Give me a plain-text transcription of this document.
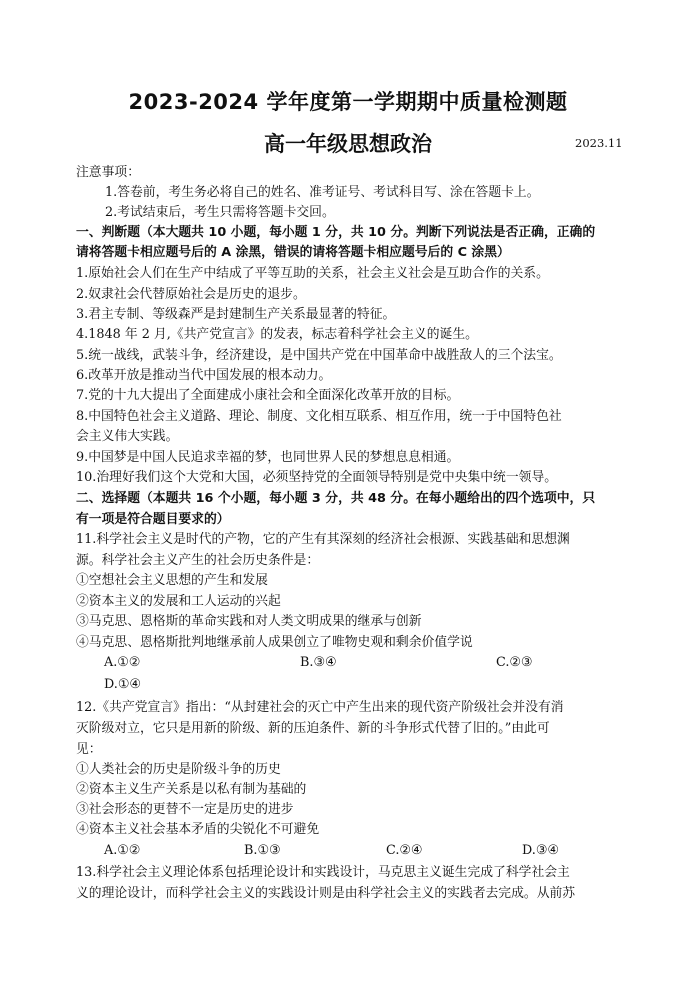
2023-2024 学年度第一学期期中质量检测题
高一年级思想政治	2023.11
注意事项：
1.答卷前，考生务必将自己的姓名、准考证号、考试科目写、涂在答题卡上。
2.考试结束后，考生只需将答题卡交回。
一、判断题（本大题共 10 小题，每小题 1 分，共 10 分。判断下列说法是否正确，正确的
请将答题卡相应题号后的 A 涂黑，错误的请将答题卡相应题号后的 C 涂黑）
1.原始社会人们在生产中结成了平等互助的关系，社会主义社会是互助合作的关系。
2.奴隶社会代替原始社会是历史的退步。
3.君主专制、等级森严是封建制生产关系最显著的特征。
4.1848 年 2 月,《共产党宣言》的发表，标志着科学社会主义的诞生。
5.统一战线，武装斗争，经济建设，是中国共产党在中国革命中战胜敌人的三个法宝。
6.改革开放是推动当代中国发展的根本动力。
7.党的十九大提出了全面建成小康社会和全面深化改革开放的目标。
8.中国特色社会主义道路、理论、制度、文化相互联系、相互作用，统一于中国特色社
会主义伟大实践。
9.中国梦是中国人民追求幸福的梦，也同世界人民的梦想息息相通。
10.治理好我们这个大党和大国，必须坚持党的全面领导特别是党中央集中统一领导。
二、选择题（本题共 16 个小题，每小题 3 分，共 48 分。在每小题给出的四个选项中，只
有一项是符合题目要求的）
11.科学社会主义是时代的产物，它的产生有其深刻的经济社会根源、实践基础和思想渊
源。科学社会主义产生的社会历史条件是：
①空想社会主义思想的产生和发展
②资本主义的发展和工人运动的兴起
③马克思、恩格斯的革命实践和对人类文明成果的继承与创新
④马克思、恩格斯批判地继承前人成果创立了唯物史观和剩余价值学说
A.①②	B.③④	C.②③
D.①④
12.《共产党宣言》指出：“从封建社会的灭亡中产生出来的现代资产阶级社会并没有消
灭阶级对立，它只是用新的阶级、新的压迫条件、新的斗争形式代替了旧的。”由此可
见：
①人类社会的历史是阶级斗争的历史
②资本主义生产关系是以私有制为基础的
③社会形态的更替不一定是历史的进步
④资本主义社会基本矛盾的尖锐化不可避免
A.①②	B.①③	C.②④	D.③④
13.科学社会主义理论体系包括理论设计和实践设计，马克思主义诞生完成了科学社会主
义的理论设计，而科学社会主义的实践设计则是由科学社会主义的实践者去完成。从前苏
